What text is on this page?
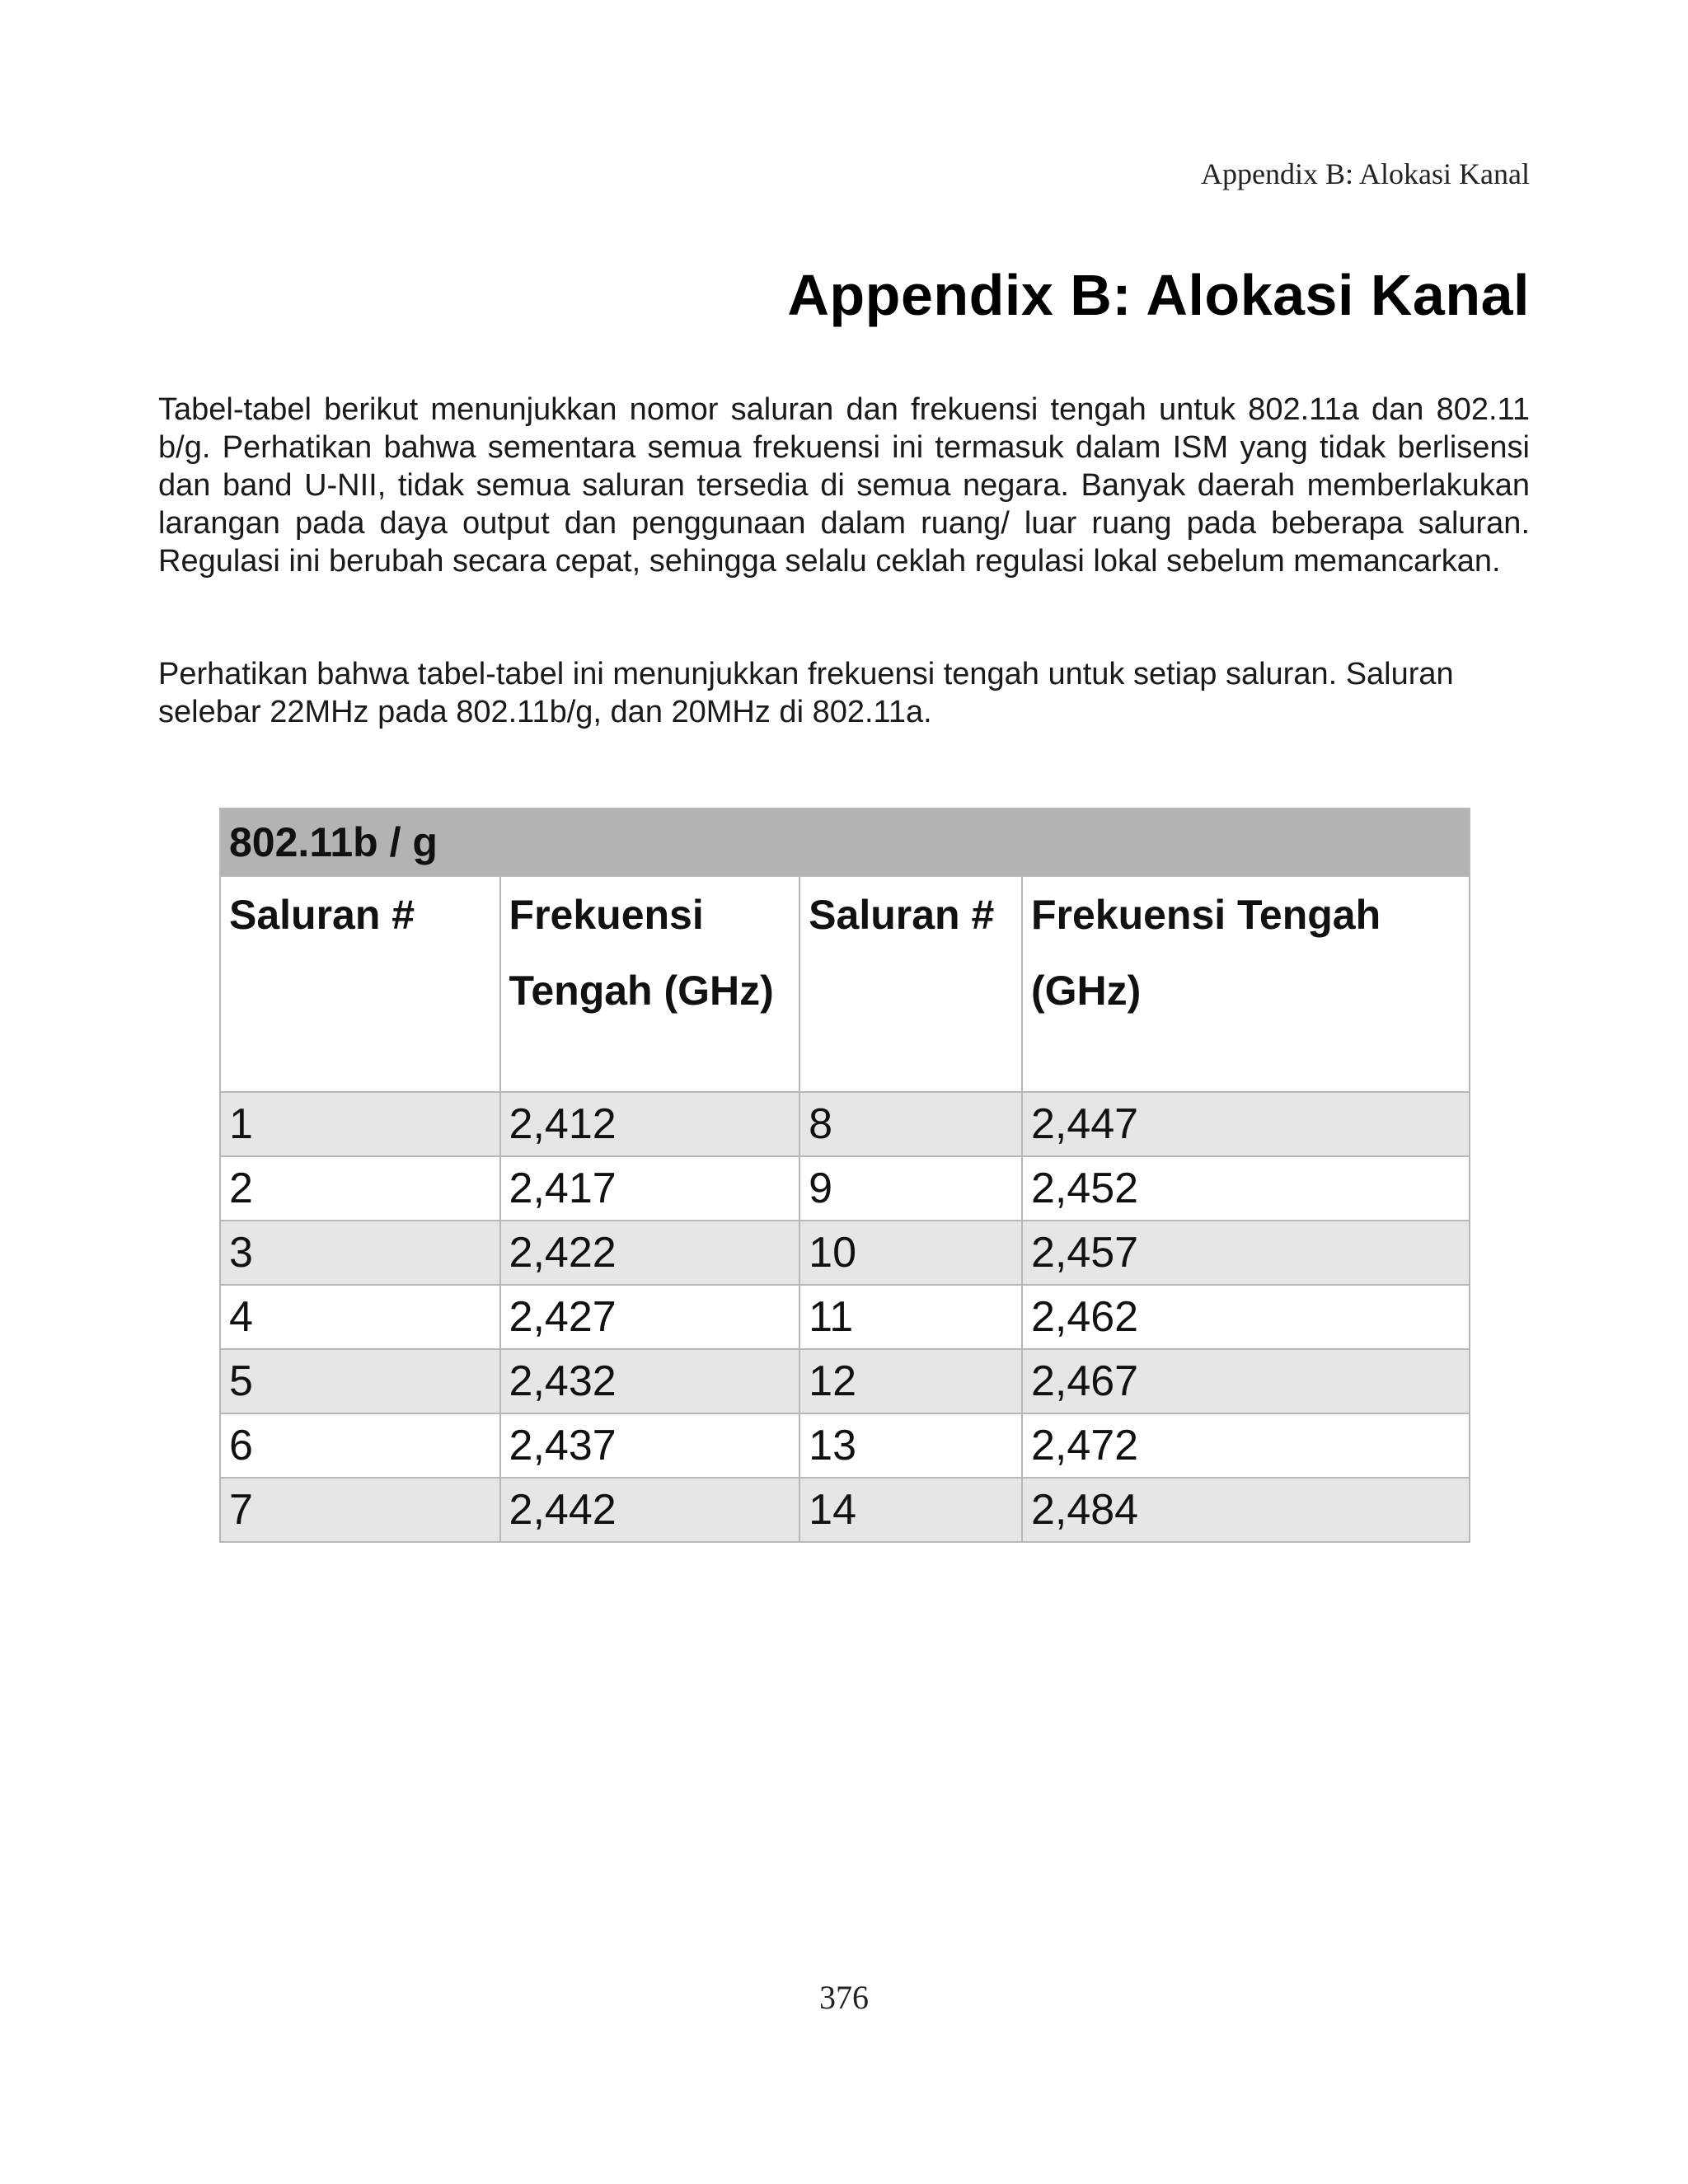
Appendix B: Alokasi Kanal
Appendix B: Alokasi Kanal

Tabel-tabel berikut menunjukkan nomor saluran dan frekuensi tengah untuk 802.11a dan 802.11 b/g. Perhatikan bahwa sementara semua frekuensi ini termasuk dalam ISM yang tidak berlisensi dan band U-NII, tidak semua saluran tersedia di semua negara. Banyak daerah memberlakukan larangan pada daya output dan penggunaan dalam ruang/ luar ruang pada beberapa saluran. Regulasi ini berubah secara cepat, sehingga selalu ceklah regulasi lokal sebelum memancarkan.

Perhatikan bahwa tabel-tabel ini menunjukkan frekuensi tengah untuk setiap saluran. Saluran selebar 22MHz pada 802.11b/g, dan 20MHz di 802.11a.

802.11b / g			
Saluran #	Frekuensi Tengah (GHz)	Saluran #	Frekuensi Tengah (GHz)
1	2,412	8	2,447
2	2,417	9	2,452
3	2,422	10	2,457
4	2,427	11	2,462
5	2,432	12	2,467
6	2,437	13	2,472
7	2,442	14	2,484
376
